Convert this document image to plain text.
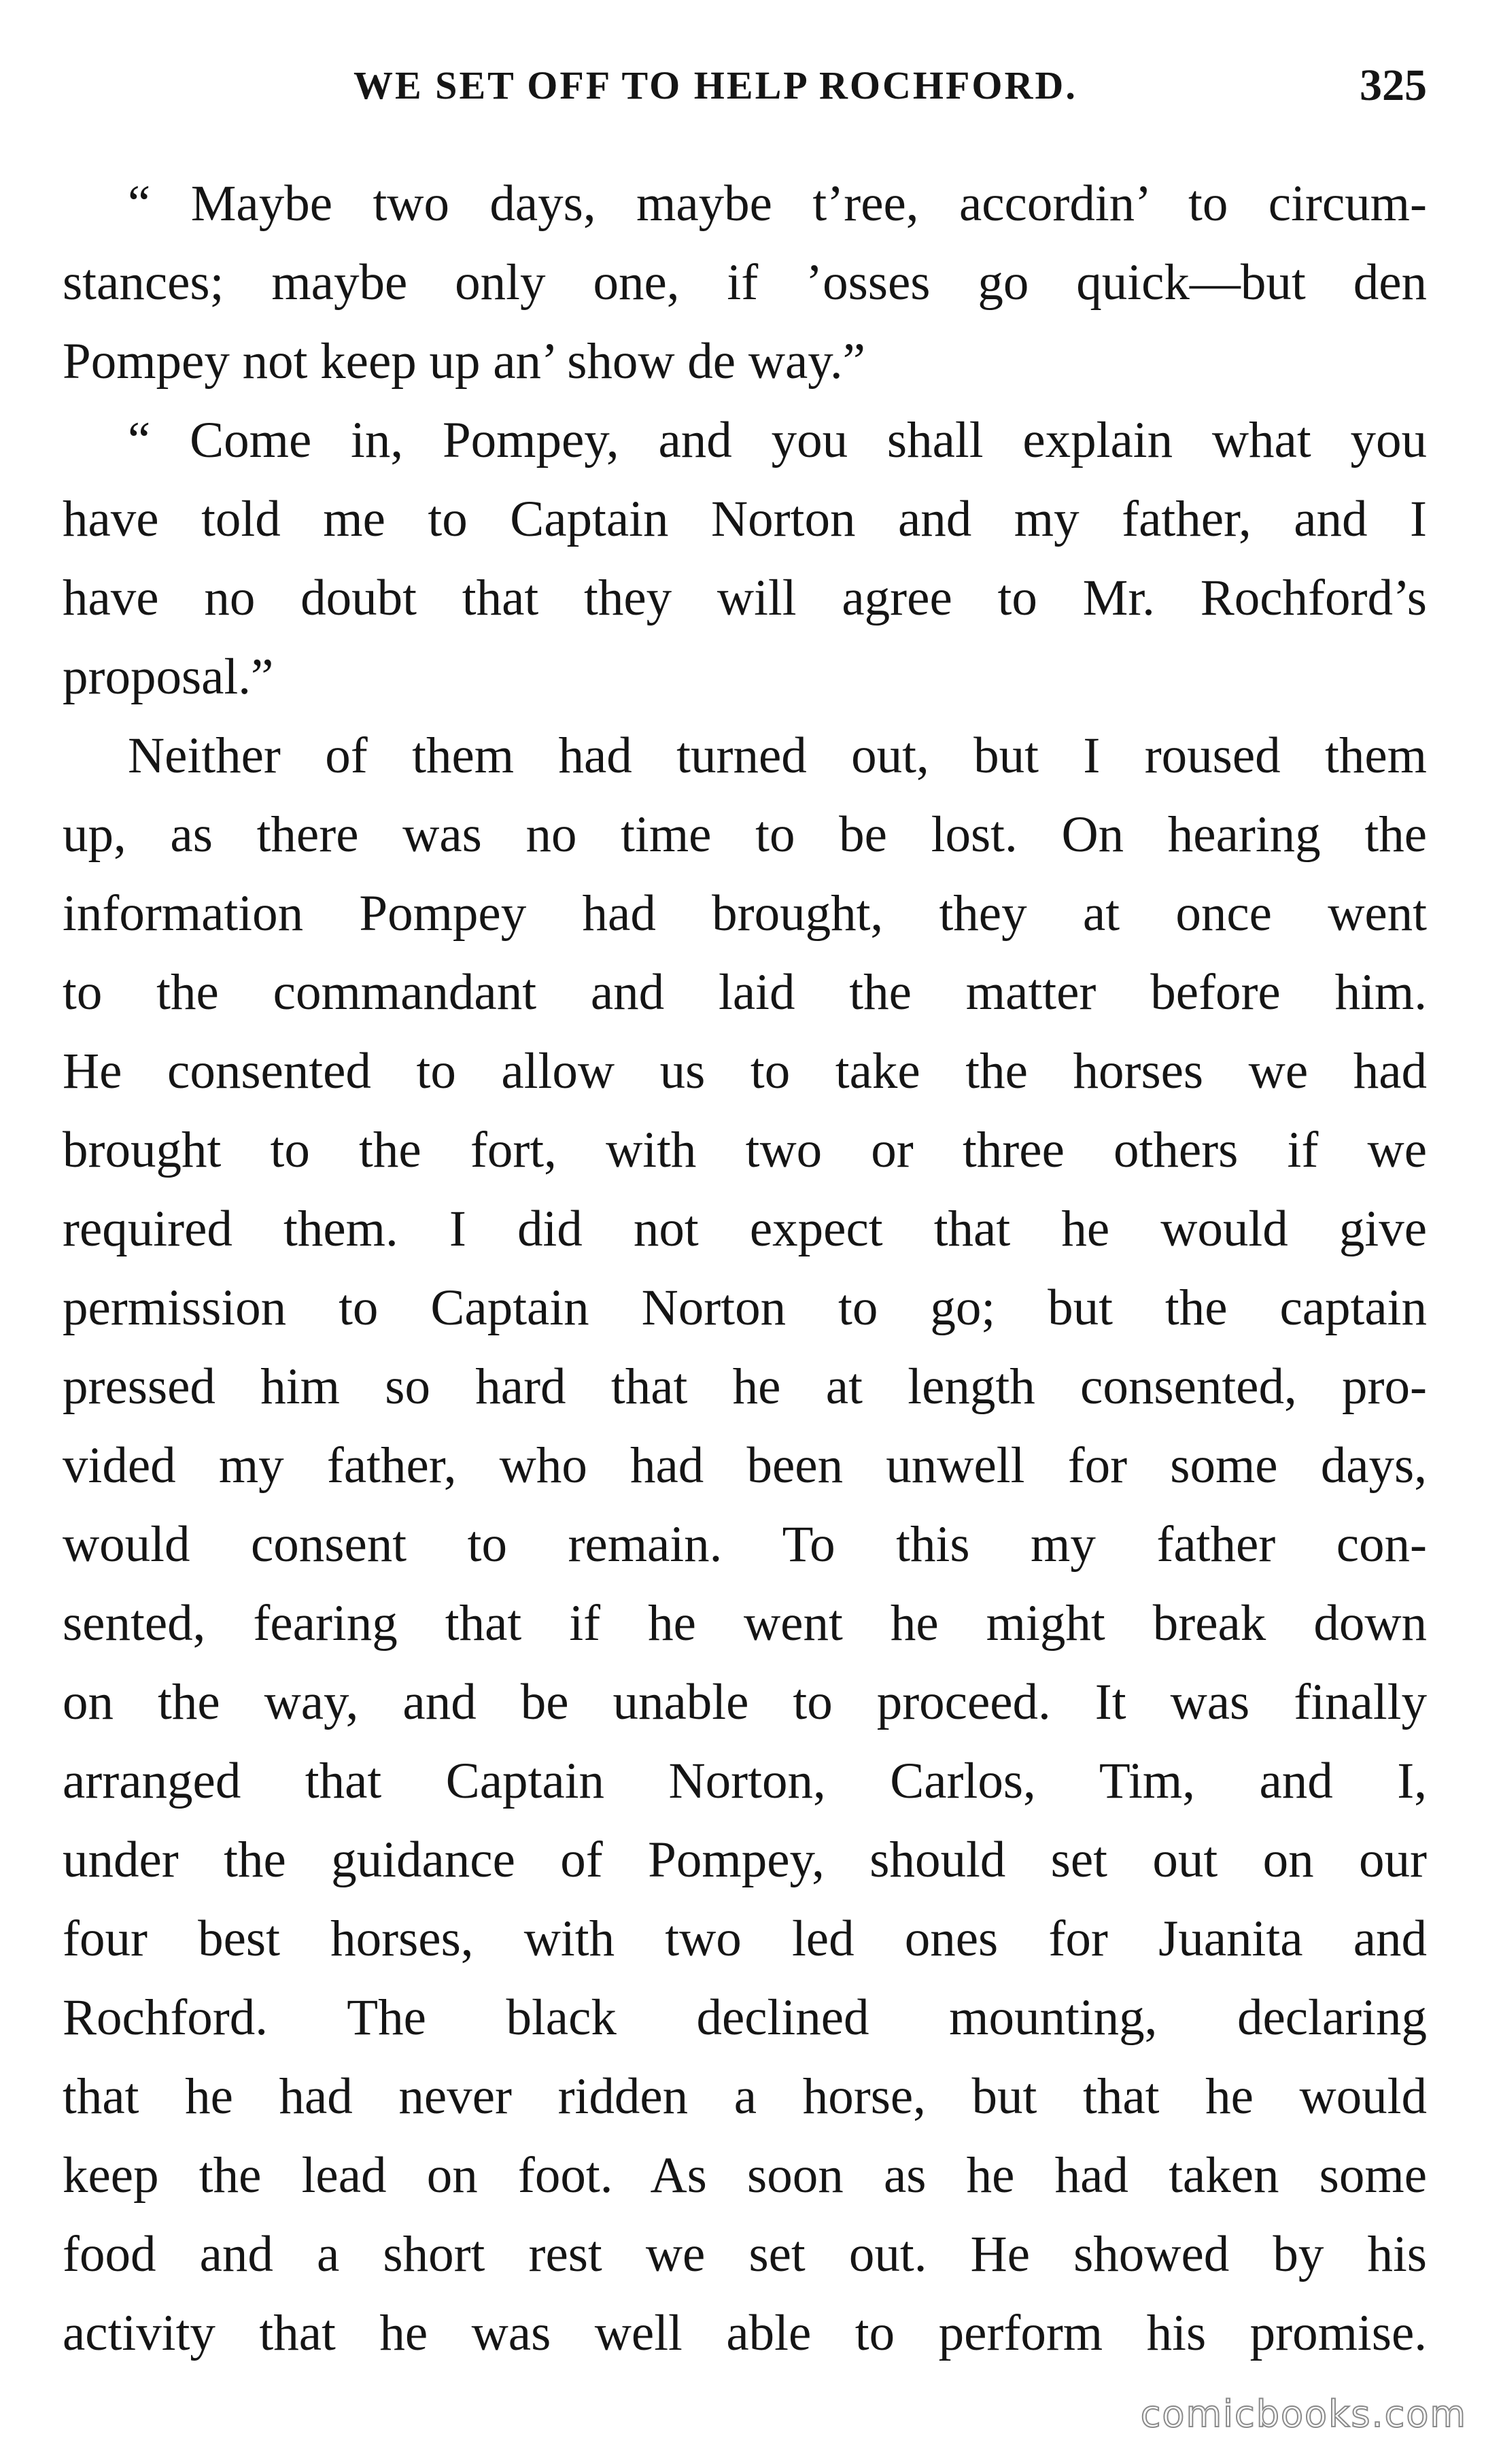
WE SET OFF TO HELP ROCHFORD.	325
“ Maybe two days, maybe t’ree, accordin’ to circum-
stances; maybe only one, if ’osses go quick—but den
Pompey not keep up an’ show de way.”
“ Come in, Pompey, and you shall explain what you
have told me to Captain Norton and my father, and I
have no doubt that they will agree to Mr. Rochford’s
proposal.”
Neither of them had turned out, but I roused them
up, as there was no time to be lost. On hearing the
information Pompey had brought, they at once went
to the commandant and laid the matter before him.
He consented to allow us to take the horses we had
brought to the fort, with two or three others if we
required them. I did not expect that he would give
permission to Captain Norton to go; but the captain
pressed him so hard that he at length consented, pro-
vided my father, who had been unwell for some days,
would consent to remain. To this my father con-
sented, fearing that if he went he might break down
on the way, and be unable to proceed. It was finally
arranged that Captain Norton, Carlos, Tim, and I,
under the guidance of Pompey, should set out on our
four best horses, with two led ones for Juanita and
Rochford. The black declined mounting, declaring
that he had never ridden a horse, but that he would
keep the lead on foot. As soon as he had taken some
food and a short rest we set out. He showed by his
activity that he was well able to perform his promise.
comicbooks.com
